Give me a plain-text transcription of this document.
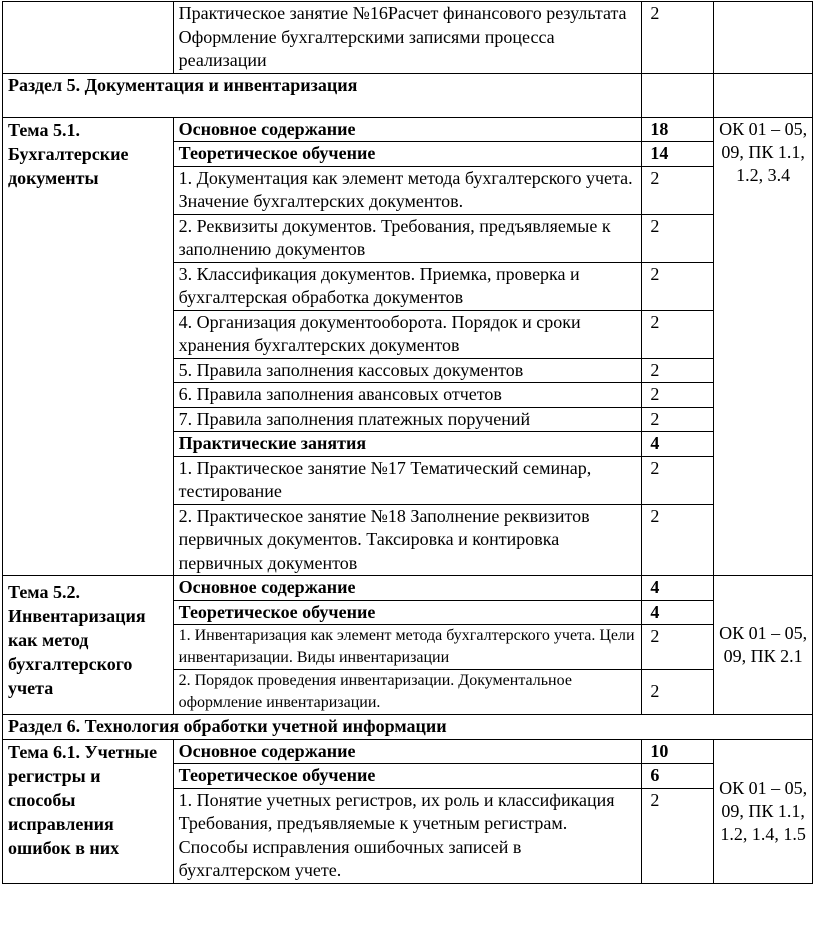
	Практическое занятие №16Расчет финансового результата Оформление бухгалтерскими записями процесса реализации	2	
Раздел 5. Документация и инвентаризация			
Тема 5.1. Бухгалтерские документы	Основное содержание	18	ОК 01 – 05, 09, ПК 1.1, 1.2, 3.4
	Теоретическое обучение	14	
	1. Документация как элемент метода бухгалтерского учета. Значение бухгалтерских документов.	2	
	2. Реквизиты документов. Требования, предъявляемые к заполнению документов	2	
	3. Классификация документов. Приемка, проверка и бухгалтерская обработка документов	2	
	4. Организация документооборота. Порядок и сроки хранения бухгалтерских документов	2	
	5. Правила заполнения кассовых документов	2	
	6. Правила заполнения авансовых отчетов	2	
	7. Правила заполнения платежных поручений	2	
	Практические занятия	4	
	1. Практическое занятие №17 Тематический семинар, тестирование	2	
	2. Практическое занятие №18 Заполнение реквизитов первичных документов. Таксировка и контировка первичных документов	2	
Тема 5.2. Инвентаризация как метод бухгалтерского учета	Основное содержание	4	ОК 01 – 05, 09, ПК 2.1
	Теоретическое обучение	4	
	1. Инвентаризация как элемент метода бухгалтерского учета. Цели инвентаризации. Виды инвентаризации	2	
	2. Порядок проведения инвентаризации. Документальное оформление инвентаризации.	2	
Раздел 6. Технология обработки учетной информации			
Тема 6.1. Учетные регистры и способы исправления ошибок в них	Основное содержание	10	ОК 01 – 05, 09, ПК 1.1, 1.2, 1.4, 1.5
	Теоретическое обучение	6	
	1. Понятие учетных регистров, их роль и классификация Требования, предъявляемые к учетным регистрам. Способы исправления ошибочных записей в бухгалтерском учете.	2	
